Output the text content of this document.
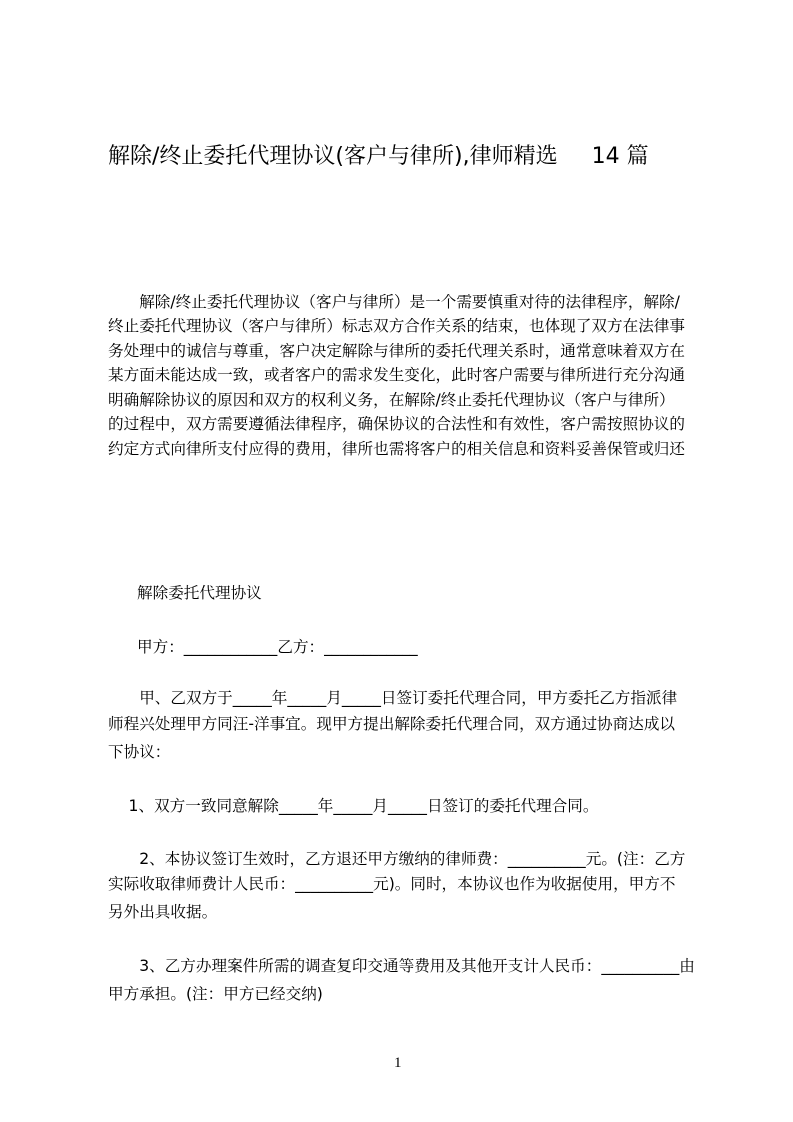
解除/终止委托代理协议(客户与律所),律师精选 14 篇
　　解除/终止委托代理协议（客户与律所）是一个需要慎重对待的法律程序，解除/
终止委托代理协议（客户与律所）标志双方合作关系的结束，也体现了双方在法律事
务处理中的诚信与尊重，客户决定解除与律所的委托代理关系时，通常意味着双方在
某方面未能达成一致，或者客户的需求发生变化，此时客户需要与律所进行充分沟通
明确解除协议的原因和双方的权利义务，在解除/终止委托代理协议（客户与律所）
的过程中，双方需要遵循法律程序，确保协议的合法性和有效性，客户需按照协议的
约定方式向律所支付应得的费用，律所也需将客户的相关信息和资料妥善保管或归还
解除委托代理协议
甲方：____________乙方：____________
　　甲、乙双方于_____年_____月_____日签订委托代理合同，甲方委托乙方指派律
师程兴处理甲方同汪-洋事宜。现甲方提出解除委托代理合同，双方通过协商达成以
下协议：
　 1、双方一致同意解除_____年_____月_____日签订的委托代理合同。
　　2、本协议签订生效时，乙方退还甲方缴纳的律师费：__________元。(注：乙方
实际收取律师费计人民币：__________元)。同时，本协议也作为收据使用，甲方不
另外出具收据。
　　3、乙方办理案件所需的调查复印交通等费用及其他开支计人民币：__________由
甲方承担。(注：甲方已经交纳)
1
